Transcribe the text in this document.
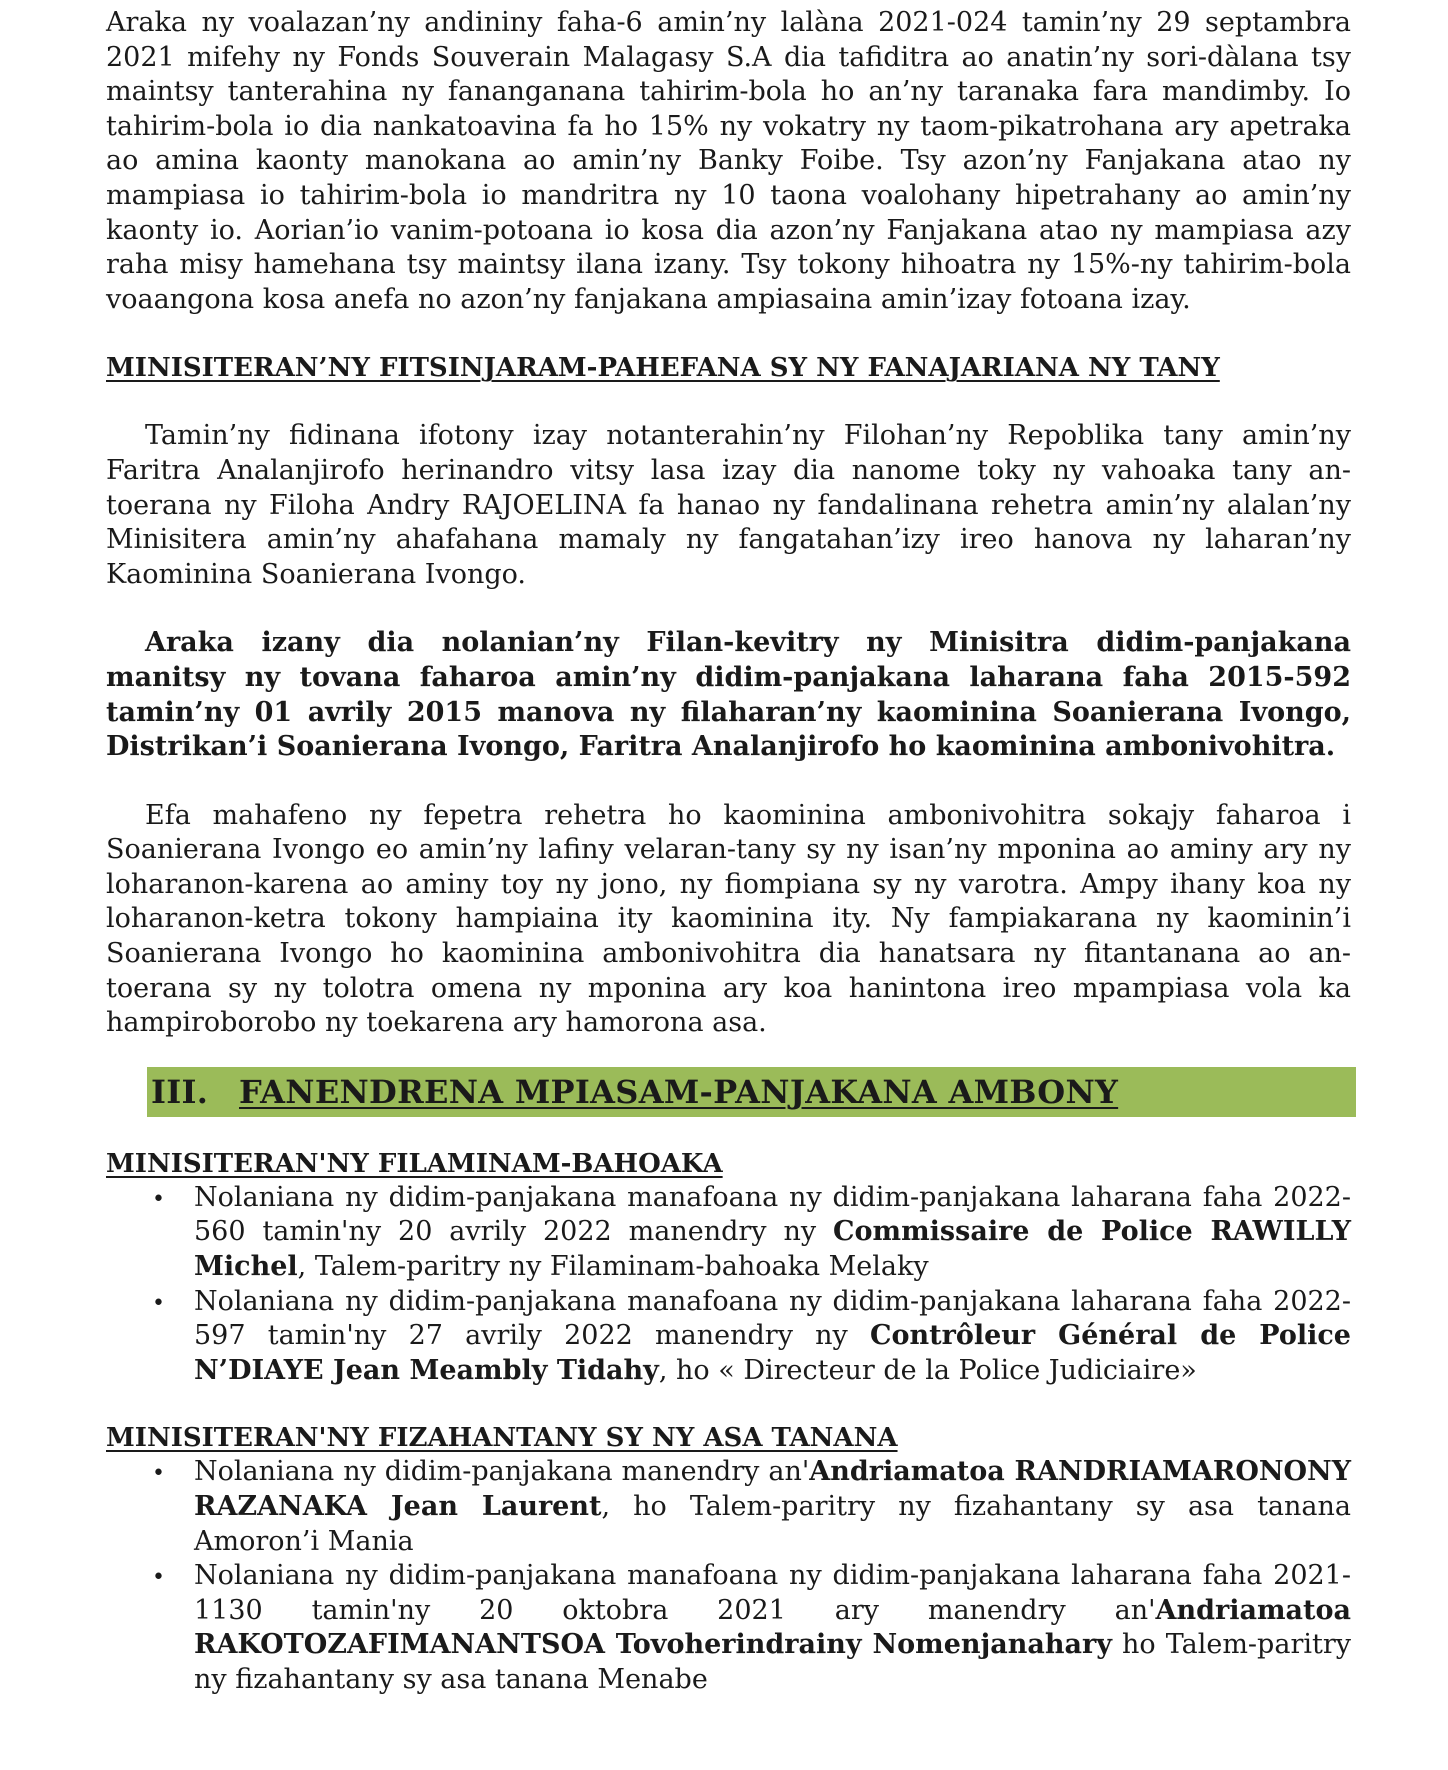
Araka ny voalazan’ny andininy faha-6 amin’ny lalàna 2021-024 tamin’ny 29 septambra 2021 mifehy ny Fonds Souverain Malagasy S.A dia tafiditra ao anatin’ny sori-dàlana tsy maintsy tanterahina ny fananganana tahirim-bola ho an’ny taranaka fara mandimby. Io tahirim-bola io dia nankatoavina fa ho 15% ny vokatry ny taom-pikatrohana ary apetraka ao amina kaonty manokana ao amin’ny Banky Foibe. Tsy azon’ny Fanjakana atao ny mampiasa io tahirim-bola io mandritra ny 10 taona voalohany hipetrahany ao amin’ny kaonty io. Aorian’io vanim-potoana io kosa dia azon’ny Fanjakana atao ny mampiasa azy raha misy hamehana tsy maintsy ilana izany. Tsy tokony hihoatra ny 15%-ny tahirim-bola voaangona kosa anefa no azon’ny fanjakana ampiasaina amin’izay fotoana izay.

MINISITERAN’NY FITSINJARAM-PAHEFANA SY NY FANAJARIANA NY TANY

Tamin’ny fidinana ifotony izay notanterahin’ny Filohan’ny Repoblika tany amin’ny Faritra Analanjirofo herinandro vitsy lasa izay dia nanome toky ny vahoaka tany an-toerana ny Filoha Andry RAJOELINA fa hanao ny fandalinana rehetra amin’ny alalan’ny Minisitera amin’ny ahafahana mamaly ny fangatahan’izy ireo hanova ny laharan’ny Kaominina Soanierana Ivongo.

Araka izany dia nolanian’ny Filan-kevitry ny Minisitra didim-panjakana manitsy ny tovana faharoa amin’ny didim-panjakana laharana faha 2015-592 tamin’ny 01 avrily 2015 manova ny filaharan’ny kaominina Soanierana Ivongo, Distrikan’i Soanierana Ivongo, Faritra Analanjirofo ho kaominina ambonivohitra.

Efa mahafeno ny fepetra rehetra ho kaominina ambonivohitra sokajy faharoa i Soanierana Ivongo eo amin’ny lafiny velaran-tany sy ny isan’ny mponina ao aminy ary ny loharanon-karena ao aminy toy ny jono, ny fiompiana sy ny varotra. Ampy ihany koa ny loharanon-ketra tokony hampiaina ity kaominina ity. Ny fampiakarana ny kaominin’i Soanierana Ivongo ho kaominina ambonivohitra dia hanatsara ny fitantanana ao an-toerana sy ny tolotra omena ny mponina ary koa hanintona ireo mpampiasa vola ka hampiroborobo ny toekarena ary hamorona asa.

III. FANENDRENA MPIASAM-PANJAKANA AMBONY
MINISITERAN'NY FILAMINAM-BAHOAKA
• Nolaniana ny didim-panjakana manafoana ny didim-panjakana laharana faha 2022-560 tamin'ny 20 avrily 2022 manendry ny Commissaire de Police RAWILLY Michel, Talem-paritry ny Filaminam-bahoaka Melaky

• Nolaniana ny didim-panjakana manafoana ny didim-panjakana laharana faha 2022-597 tamin'ny 27 avrily 2022 manendry ny Contrôleur Général de Police N’DIAYE Jean Meambly Tidahy, ho « Directeur de la Police Judiciaire»

MINISITERAN'NY FIZAHANTANY SY NY ASA TANANA
• Nolaniana ny didim-panjakana manendry an'Andriamatoa RANDRIAMARONONY RAZANAKA Jean Laurent, ho Talem-paritry ny fizahantany sy asa tanana Amoron’i Mania

• Nolaniana ny didim-panjakana manafoana ny didim-panjakana laharana faha 2021-1130 tamin'ny 20 oktobra 2021 ary manendry an'Andriamatoa RAKOTOZAFIMANANTSOA Tovoherindrainy Nomenjanahary ho Talem-paritry ny fizahantany sy asa tanana Menabe
